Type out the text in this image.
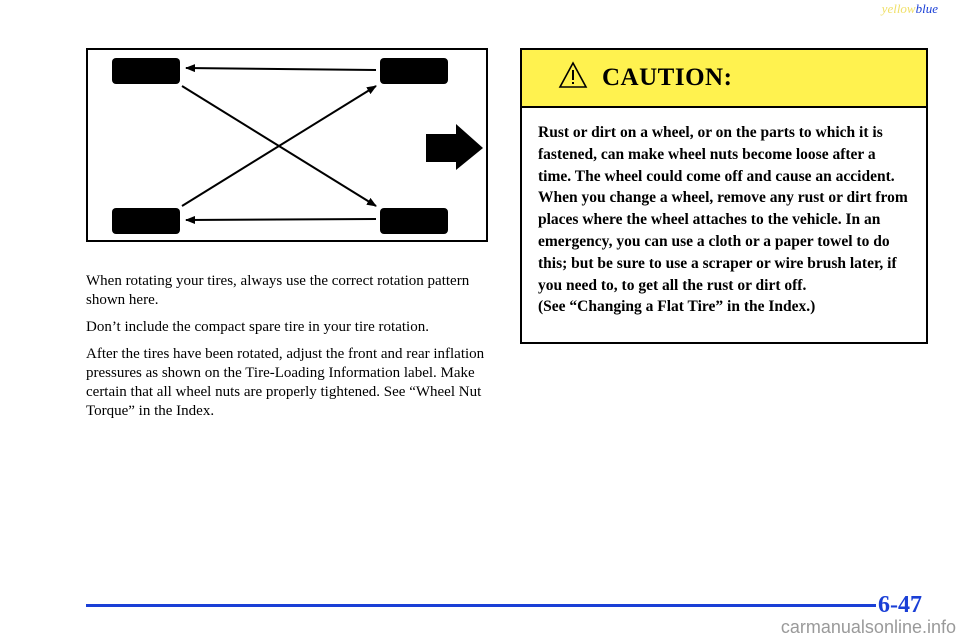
yellowblue

When rotating your tires, always use the correct rotation pattern shown here.

Don’t include the compact spare tire in your tire rotation.

After the tires have been rotated, adjust the front and rear inflation pressures as shown on the Tire‑Loading Information label. Make certain that all wheel nuts are properly tightened. See “Wheel Nut Torque” in the Index.

CAUTION:
Rust or dirt on a wheel, or on the parts to which it is fastened, can make wheel nuts become loose after a time. The wheel could come off and cause an accident. When you change a wheel, remove any rust or dirt from places where the wheel attaches to the vehicle. In an emergency, you can use a cloth or a paper towel to do this; but be sure to use a scraper or wire brush later, if you need to, to get all the rust or dirt off.
(See “Changing a Flat Tire” in the Index.)
6-47
carmanualsonline.info
